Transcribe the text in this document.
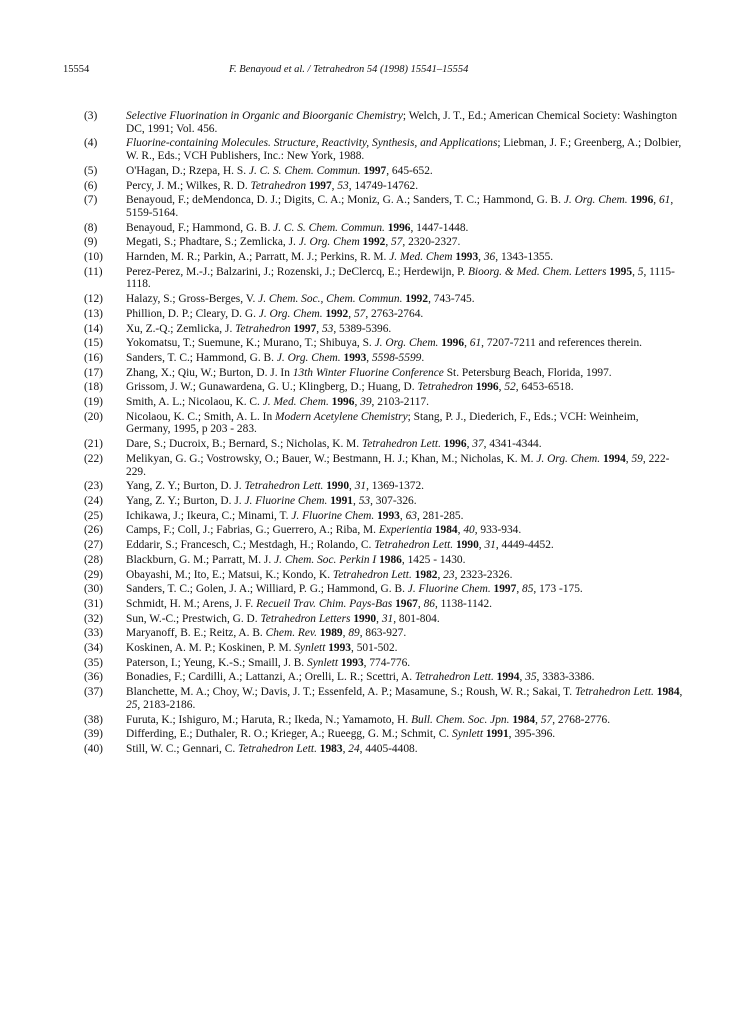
15554	F. Benayoud et al. / Tetrahedron 54 (1998) 15541–15554
(3)	Selective Fluorination in Organic and Bioorganic Chemistry; Welch, J. T., Ed.; American Chemical Society: Washington DC, 1991; Vol. 456.
(4)	Fluorine-containing Molecules. Structure, Reactivity, Synthesis, and Applications; Liebman, J. F.; Greenberg, A.; Dolbier, W. R., Eds.; VCH Publishers, Inc.: New York, 1988.
(5)	O'Hagan, D.; Rzepa, H. S. J. C. S. Chem. Commun. 1997, 645-652.
(6)	Percy, J. M.; Wilkes, R. D. Tetrahedron 1997, 53, 14749-14762.
(7)	Benayoud, F.; deMendonca, D. J.; Digits, C. A.; Moniz, G. A.; Sanders, T. C.; Hammond, G. B. J. Org. Chem. 1996, 61, 5159-5164.
(8)	Benayoud, F.; Hammond, G. B. J. C. S. Chem. Commun. 1996, 1447-1448.
(9)	Megati, S.; Phadtare, S.; Zemlicka, J. J. Org. Chem 1992, 57, 2320-2327.
(10)	Harnden, M. R.; Parkin, A.; Parratt, M. J.; Perkins, R. M. J. Med. Chem 1993, 36, 1343-1355.
(11)	Perez-Perez, M.-J.; Balzarini, J.; Rozenski, J.; DeClercq, E.; Herdewijn, P. Bioorg. & Med. Chem. Letters 1995, 5, 1115-1118.
(12)	Halazy, S.; Gross-Berges, V. J. Chem. Soc., Chem. Commun. 1992, 743-745.
(13)	Phillion, D. P.; Cleary, D. G. J. Org. Chem. 1992, 57, 2763-2764.
(14)	Xu, Z.-Q.; Zemlicka, J. Tetrahedron 1997, 53, 5389-5396.
(15)	Yokomatsu, T.; Suemune, K.; Murano, T.; Shibuya, S. J. Org. Chem. 1996, 61, 7207-7211 and references therein.
(16)	Sanders, T. C.; Hammond, G. B. J. Org. Chem. 1993, 5598-5599.
(17)	Zhang, X.; Qiu, W.; Burton, D. J. In 13th Winter Fluorine Conference St. Petersburg Beach, Florida, 1997.
(18)	Grissom, J. W.; Gunawardena, G. U.; Klingberg, D.; Huang, D. Tetrahedron 1996, 52, 6453-6518.
(19)	Smith, A. L.; Nicolaou, K. C. J. Med. Chem. 1996, 39, 2103-2117.
(20)	Nicolaou, K. C.; Smith, A. L. In Modern Acetylene Chemistry; Stang, P. J., Diederich, F., Eds.; VCH: Weinheim, Germany, 1995, p 203 - 283.
(21)	Dare, S.; Ducroix, B.; Bernard, S.; Nicholas, K. M. Tetrahedron Lett. 1996, 37, 4341-4344.
(22)	Melikyan, G. G.; Vostrowsky, O.; Bauer, W.; Bestmann, H. J.; Khan, M.; Nicholas, K. M. J. Org. Chem. 1994, 59, 222-229.
(23)	Yang, Z. Y.; Burton, D. J. Tetrahedron Lett. 1990, 31, 1369-1372.
(24)	Yang, Z. Y.; Burton, D. J. J. Fluorine Chem. 1991, 53, 307-326.
(25)	Ichikawa, J.; Ikeura, C.; Minami, T. J. Fluorine Chem. 1993, 63, 281-285.
(26)	Camps, F.; Coll, J.; Fabrias, G.; Guerrero, A.; Riba, M. Experientia 1984, 40, 933-934.
(27)	Eddarir, S.; Francesch, C.; Mestdagh, H.; Rolando, C. Tetrahedron Lett. 1990, 31, 4449-4452.
(28)	Blackburn, G. M.; Parratt, M. J. J. Chem. Soc. Perkin I 1986, 1425 - 1430.
(29)	Obayashi, M.; Ito, E.; Matsui, K.; Kondo, K. Tetrahedron Lett. 1982, 23, 2323-2326.
(30)	Sanders, T. C.; Golen, J. A.; Williard, P. G.; Hammond, G. B. J. Fluorine Chem. 1997, 85, 173 -175.
(31)	Schmidt, H. M.; Arens, J. F. Recueil Trav. Chim. Pays-Bas 1967, 86, 1138-1142.
(32)	Sun, W.-C.; Prestwich, G. D. Tetrahedron Letters 1990, 31, 801-804.
(33)	Maryanoff, B. E.; Reitz, A. B. Chem. Rev. 1989, 89, 863-927.
(34)	Koskinen, A. M. P.; Koskinen, P. M. Synlett 1993, 501-502.
(35)	Paterson, I.; Yeung, K.-S.; Smaill, J. B. Synlett 1993, 774-776.
(36)	Bonadies, F.; Cardilli, A.; Lattanzi, A.; Orelli, L. R.; Scettri, A. Tetrahedron Lett. 1994, 35, 3383-3386.
(37)	Blanchette, M. A.; Choy, W.; Davis, J. T.; Essenfeld, A. P.; Masamune, S.; Roush, W. R.; Sakai, T. Tetrahedron Lett. 1984, 25, 2183-2186.
(38)	Furuta, K.; Ishiguro, M.; Haruta, R.; Ikeda, N.; Yamamoto, H. Bull. Chem. Soc. Jpn. 1984, 57, 2768-2776.
(39)	Differding, E.; Duthaler, R. O.; Krieger, A.; Rueegg, G. M.; Schmit, C. Synlett 1991, 395-396.
(40)	Still, W. C.; Gennari, C. Tetrahedron Lett. 1983, 24, 4405-4408.
